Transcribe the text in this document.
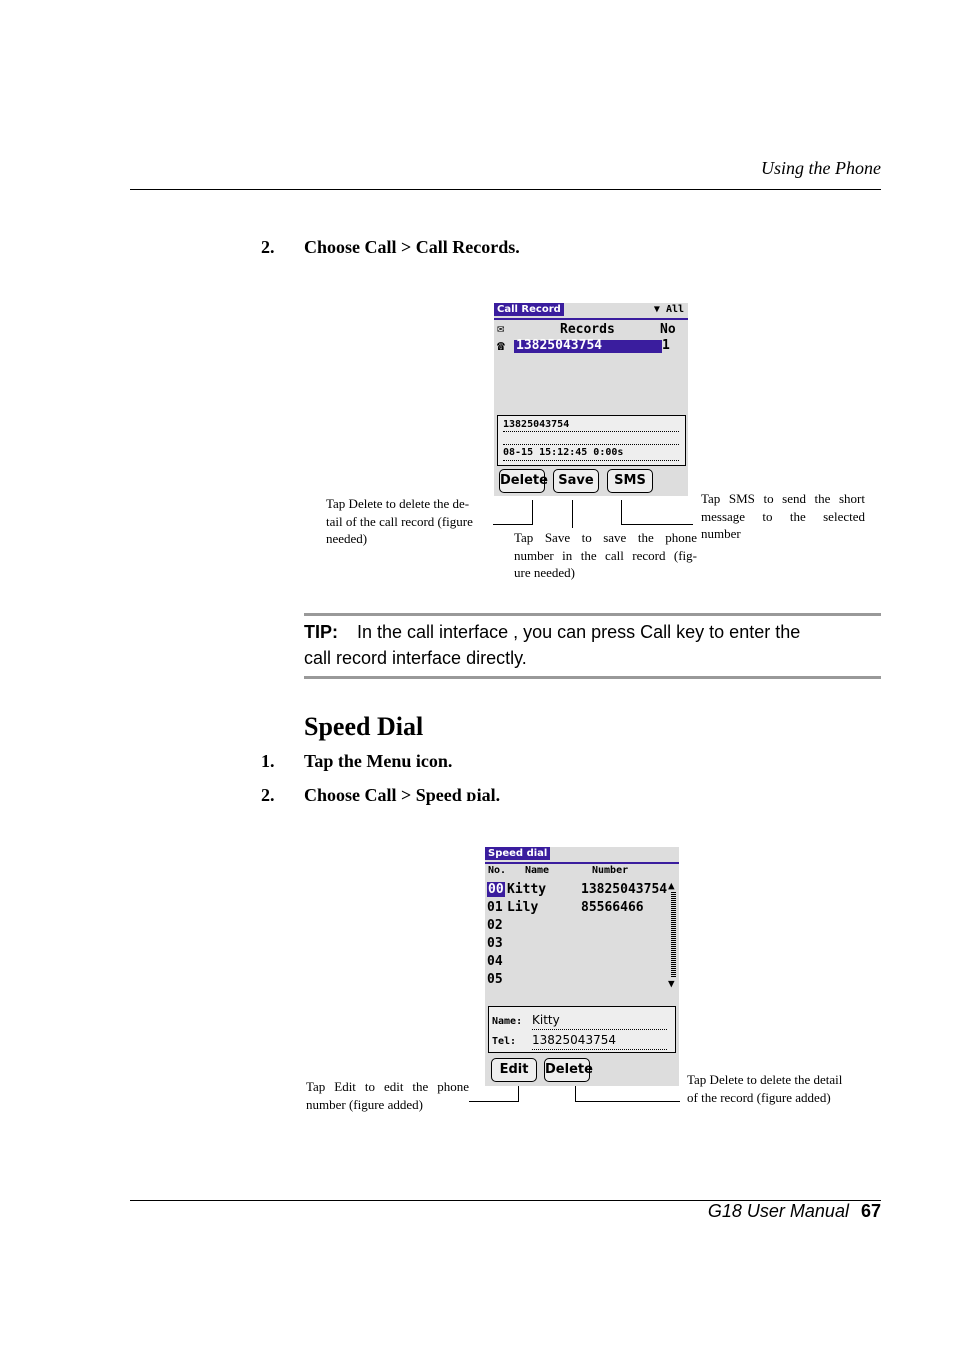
Using the Phone
2. Choose Call > Call Records.
Call Record	▼ All
✉	Records	No
☎ 13825043754	1
13825043754
08-15 15:12:45 0:00s
Delete Save	SMS
Tap Delete to delete the de-
tail of the call record (figure
needed)	Tap Save to save the phone
number in the call record (fig-
ure needed)
Tap SMS to send the short
message to the selected
number
TIP: In the call interface , you can press Call key to enter the
call record interface directly.
Speed Dial
1. Tap the Menu icon.
2. Choose Call > Speed ᴅial.
Speed dial
No. Name	Number
00 Kitty	13825043754
01 Lily	85566466
02
03
04
05
▲
▼
Name: Kitty
Tel: 13825043754
Edit	Delete
Tap Edit to edit the phone
number (figure added)
Tap Delete to delete the detail
of the record (figure added)
G18 User Manual 67
